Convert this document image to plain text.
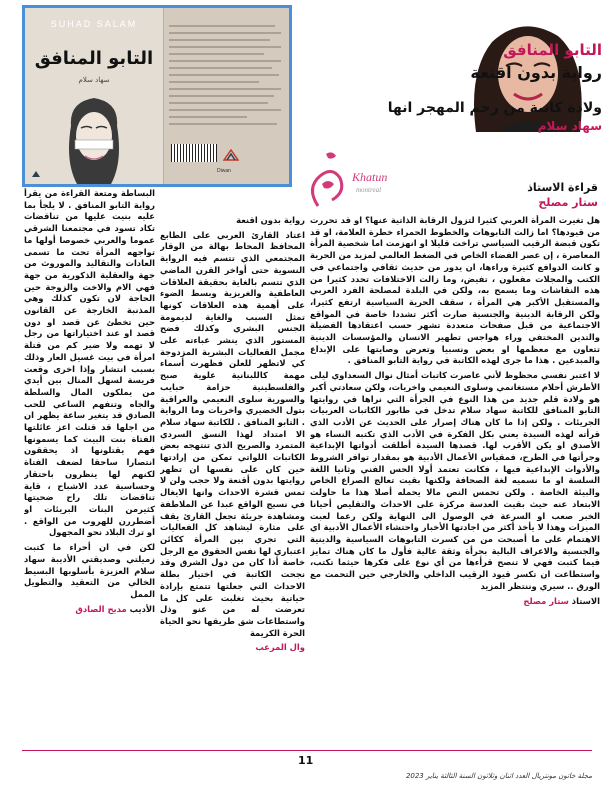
Diwan
SUHAD SALAM
التابو المنافق
سهاد سلام

التابو المنافق

رواية بدون اقنعة

ولادة كاتبة من رحم المهجر انها

سهاد سلام

Khatun
montreal	قراءة الاستاذ
ستار مصلح

هل تغيرت المرأة العربي كثيرا لتزول الرقابة الذاتية عنها؟ او قد تحررت من قيودها؟ اما زالت التابوهات والخطوط الحمراء خطرة العلامة، او قد تكون قبضة الرقيب السياسي تراخت قليلا او انهزمت اما شخصية المرأة المعاصرة ، إن عصر الفضاء الخاص في الضغط العالمي لمزيد من الحرية و كانت الدوافع كثيرة وراءها، ان يدور من حديث ثقافي واجتماعي في الكتب والمجلات مفعلون ، تفيض، وما زالت الاختلافات تحدد كثيرا من هذه النقاشات وما يسمح به، ولكن في البلدة لمصلحة الفرد العربي والمستقبل الأكبر هي المرأة ، سقف الحرية السياسية ارتفع كثيرا، ولكن الرقابة الدينية والجنسية صارت أكثر تشددا خاصة في المواقع الاجتماعية من قبل صفحات متعددة تشهر حسب اعتقادها الفضيلة والتدين المختفي وراء هواجس تطهير الانسان والمؤسسات الدينية تتعاون مع معظمها او بعض ونسبيا وتعرض وصايتها على الإبداع والمبدعين . هذا ما جرى لهذه الكاتبة في رواية التابو المنافق .

لا اعتبر نفسي محظوظ لأني عاصرت كاتبات أمثال نوال السعداوي ليلى الأطرش أحلام مستغانمي وسلوى النعيمي واخريات، ولكن سعادتي أكبر هو ولادة قلم جديد من هذا النوع في الجرأة التي نراها في روايتها التابو المنافق للكاتبة سهاد سلام تدخل في طابور الكاتبات العربيات الجريئات . ولكن إذا ما كان هناك إصرار على الحديث عن الأدب الذي قرأته لهذه السيدة يعني بكل الفكرة في الأدب الذي تكتبه النساء هو الأصدق او يكن الأقرب لها. قصدها السيدة أطلقت أدواتها الإبداعية وجرأتها في الطرح، فمقياس الأعمال الأدبية هو بمقدار توافر الشروط والأدوات الإبداعية فيها ، فكانت تعتمد أولا الحس الفني وثانيا اللغة السلسة او ما نسميه لغة الصحافة ولكنها بقيت تعالج الصراع الخاص والبيئة الخاصة . ولكن تحمس النص مالا يحمله أصلا هذا ما حاولت الابتعاد عنه حيث بقيت العدسة مركزة على الاحداث والتقليص أحيانا الخبر صعب او السرعة في الوصول الى النهاية ولكن رعما لعبت الميزات وهذا لا يأخذ أكثر من اجادتها الأخبار واحتشاء الأعمال الأدبية اي الاهتمام على ما أصبحت من من كسرت التابوهات السياسية والدينية والجنسية والاعراف البالية بجرأة وثقة عالية فأول ما كان هناك تمايز فيما كتبت فهي لا تنصح قرأءها من أي نوع على فكرها حيثما تكتب، واستطاعت ان تكسر قيود الرقيب الداخلي والخارجي حين التحمت مع الورق .. سيري وننتظر المزيد

الاستاذ ستار مصلح

رواية بدون اقنعة

اعتاد القارئ العربي على الطابع المحافظ المحاط بهالة من الوقار المجتمعي الذي تتسم فيه الرواية النسوية حتى أواخر القرن الماضي الذي تتسم بالغاية بحقيقة العلاقات العاطفية والغريزية وبسط الضوء على أهمية هذه العلاقات كونها تمثل السبب والغاية لديمومة الجنس البشري وكذلك فضح المستور الذي ينشر عباءته على مجمل الفعاليات البشرية المزدوجة كي لاتظهر للعلن فظهرت أسماء مهمة كاللبنانية علوية صبح والفلسطينية حزامة حبايب والسورية سلوى النعيمي والعراقية بتول الخضيري واخريات وما الرواية . التابو المنافق . للكاتبة سهاد سلام الا امتداد لهذا النسق السردي المتمرد والصريح الذي تنتهجه بعض الكاتبات اللواتي تمكن من إرادتها حين كان على نفسها ان تظهر روايتها بدون أقنعة ولا حجب ولن لا تمس قشرة الاحداث وانها الايغال في نسيج الواقع عبدا عن الملاطفة ومشاهدة جريئة تجعل القارئ يقف على مثارة ليشاهد كل الفعاليات التي تجري بين المرأة ككائن اعتباري لها نفس الحقوق مع الرجل خاصة أذا كان من دول الشرق وقد نجحت الكاتبة في اختيار بطلة الاحداث التي جعلتها تتمتع بإرادة حياتية بحيث تغلبت على كل ما تعرضت له من عنو وذل واستطاعات شق طريقها نحو الحياة الحرة الكريمة

وال المرعب

البساطة ومتعة القراءة من يقرأ رواية التابو المنافق . لا يلجأ بما عليه بنيت عليها من تناقضات تكاد تسود في مجتمعنا الشرقي عموما والعربي خصوصا أولها ما تواجهه المرأة تحت ما تسمى العادات والتقاليد والموروث من جهة والعقلية الذكورية من جهة فهي الام والاخت والزوجة حين الحاجة لان تكون كذلك وهي المذنبة الخارجة عن القانون حين تخطئ عن قصد او دون قصد او عند اختياراتها من رجل لا تهمه ولا ضير كم من قتلة امرأة في بيت غسيل العار وذلك بسبب انتشار وإذا اخرى وقعت فريسة لسهل المنال بين أيدي من يملكون المال والسلطة والجاه وتنفهم الساعي للحب الصادق قد يتغير ساعة يظهر ان من اجلها قد قتلت اعز عائلتها الفتاة بنت البيت كما يسمونها فهم يقتلونها اذ يحققون انتصارا ساحقا لضعف الفتاة لكنهم لها ينظرون باحتقار وحساسية عدد الاشباح ، قاية تناقضات تلك راح ضحيتها كثيرمن البنات البريئات او أضطررن للهروب من الواقع . او ترك البلاد نحو المجهول

لكن في ان أحراء ما كتبت زميلتي وصديقتي الأديبة سهاد سلام العزيزة بأسلوبها البسيط الخالي من التعقيد والتطويل الممل

الأديب مديح الصادق
11
مجلة خاتون مونتريال العدد اثنان وثلاثون السنة الثالثة يناير 2023
